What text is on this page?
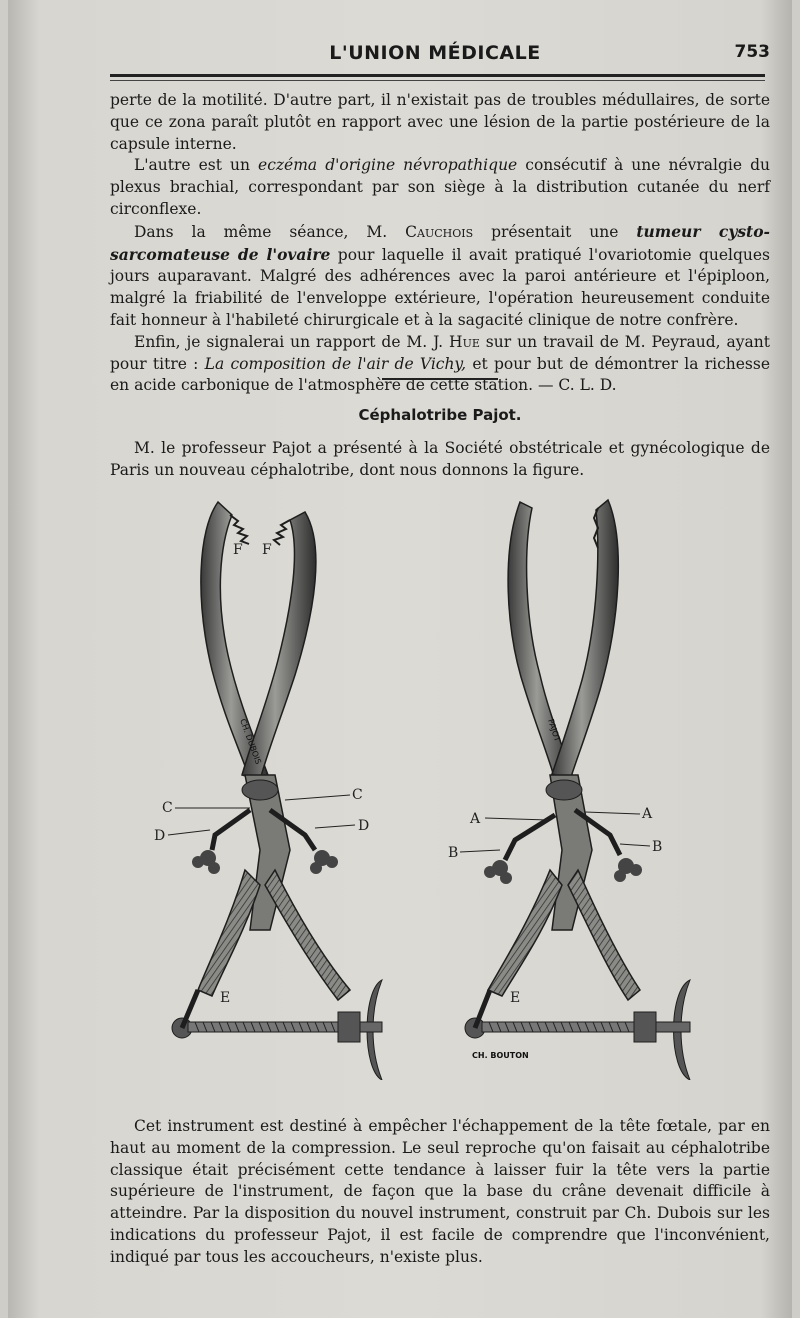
L'UNION MÉDICALE	753

perte de la motilité. D'autre part, il n'existait pas de troubles médullaires, de sorte que ce zona paraît plutôt en rapport avec une lésion de la partie postérieure de la capsule interne.

L'autre est un eczéma d'origine névropathique consécutif à une névralgie du plexus brachial, correspondant par son siège à la distribution cutanée du nerf circonflexe.

Dans la même séance, M. Cauchois présentait une tumeur cysto-sarcomateuse de l'ovaire pour laquelle il avait pratiqué l'ovariotomie quelques jours auparavant. Malgré des adhérences avec la paroi antérieure et l'épiploon, malgré la friabilité de l'enveloppe extérieure, l'opération heureusement conduite fait honneur à l'habileté chirurgicale et à la sagacité clinique de notre confrère.

Enfin, je signalerai un rapport de M. J. Hue sur un travail de M. Peyraud, ayant pour titre : La composition de l'air de Vichy, et pour but de démontrer la richesse en acide carbonique de l'atmosphère de cette station. — C. L. D.

Céphalotribe Pajot.

M. le professeur Pajot a présenté à la Société obstétricale et gynécologique de Paris un nouveau céphalotribe, dont nous donnons la figure.

F F
C
C
D
D
E
CH. DUBOIS
A	A
B	B
E
PAJOT
CH. BOUTON

Cet instrument est destiné à empêcher l'échappement de la tête fœtale, par en haut au moment de la compression. Le seul reproche qu'on faisait au céphalotribe classique était précisément cette tendance à laisser fuir la tête vers la partie supérieure de l'instrument, de façon que la base du crâne devenait difficile à atteindre. Par la disposition du nouvel instrument, construit par Ch. Dubois sur les indications du professeur Pajot, il est facile de comprendre que l'inconvénient, indiqué par tous les accoucheurs, n'existe plus.
